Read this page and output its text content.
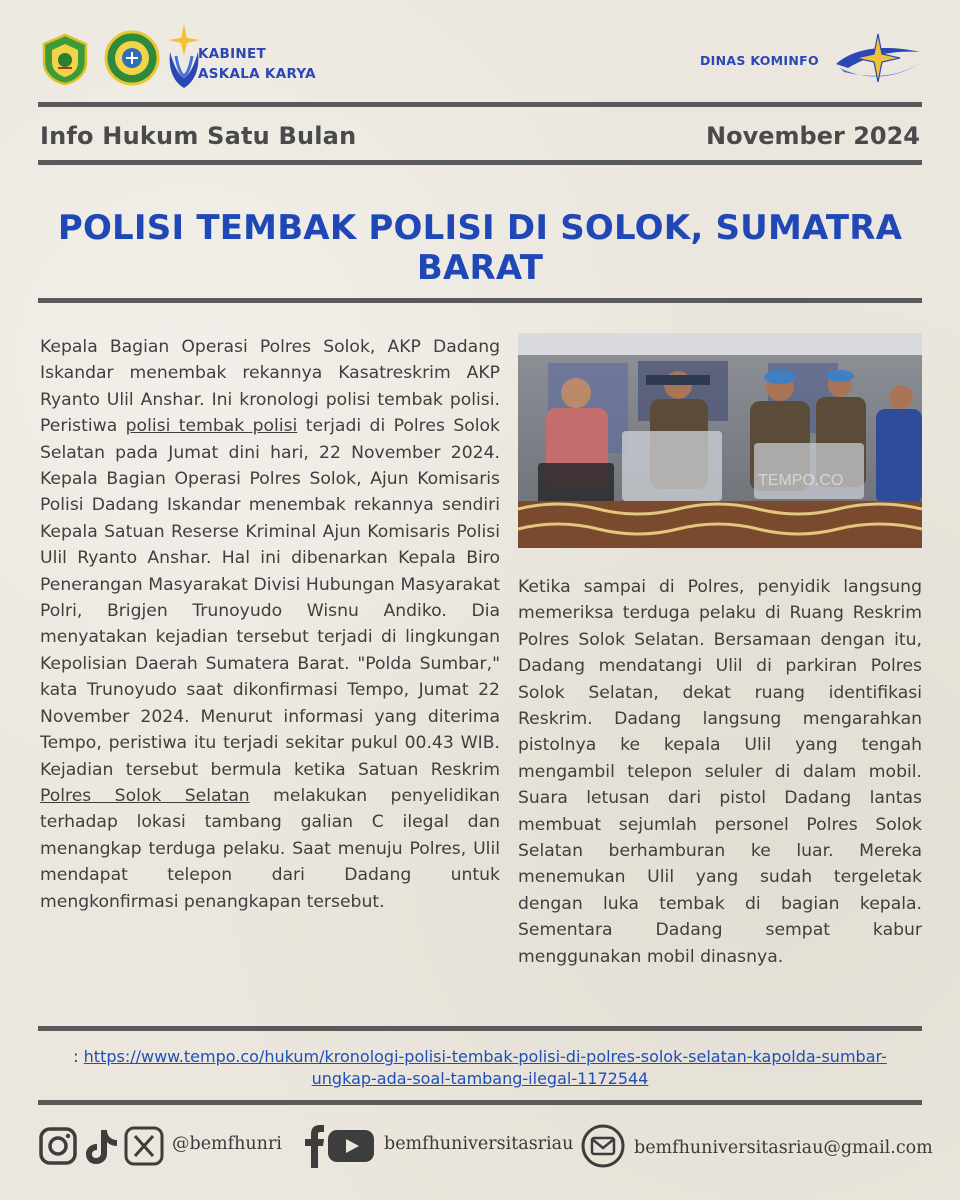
KABINET
ASKALA KARYA
DINAS KOMINFO
Info Hukum Satu Bulan	November 2024
POLISI TEMBAK POLISI DI SOLOK, SUMATRA BARAT
Kepala Bagian Operasi Polres Solok, AKP Dadang Iskandar menembak rekannya Kasatreskrim AKP Ryanto Ulil Anshar. Ini kronologi polisi tembak polisi. Peristiwa polisi tembak polisi terjadi di Polres Solok Selatan pada Jumat dini hari, 22 November 2024. Kepala Bagian Operasi Polres Solok, Ajun Komisaris Polisi Dadang Iskandar menembak rekannya sendiri Kepala Satuan Reserse Kriminal Ajun Komisaris Polisi Ulil Ryanto Anshar. Hal ini dibenarkan Kepala Biro Penerangan Masyarakat Divisi Hubungan Masyarakat Polri, Brigjen Trunoyudo Wisnu Andiko. Dia menyatakan kejadian tersebut terjadi di lingkungan Kepolisian Daerah Sumatera Barat. "Polda Sumbar," kata Trunoyudo saat dikonfirmasi Tempo, Jumat 22 November 2024. Menurut informasi yang diterima Tempo, peristiwa itu terjadi sekitar pukul 00.43 WIB. Kejadian tersebut bermula ketika Satuan Reskrim Polres Solok Selatan melakukan penyelidikan terhadap lokasi tambang galian C ilegal dan menangkap terduga pelaku. Saat menuju Polres, Ulil mendapat telepon dari Dadang untuk mengkonfirmasi penangkapan tersebut.
TEMPO.CO
Ketika sampai di Polres, penyidik langsung memeriksa terduga pelaku di Ruang Reskrim Polres Solok Selatan. Bersamaan dengan itu, Dadang mendatangi Ulil di parkiran Polres Solok Selatan, dekat ruang identifikasi Reskrim. Dadang langsung mengarahkan pistolnya ke kepala Ulil yang tengah mengambil telepon seluler di dalam mobil. Suara letusan dari pistol Dadang lantas membuat sejumlah personel Polres Solok Selatan berhamburan ke luar. Mereka menemukan Ulil yang sudah tergeletak dengan luka tembak di bagian kepala. Sementara Dadang sempat kabur menggunakan mobil dinasnya.
: https://www.tempo.co/hukum/kronologi-polisi-tembak-polisi-di-polres-solok-selatan-kapolda-sumbar-ungkap-ada-soal-tambang-ilegal-1172544
@bemfhunri	bemfhuniversitasriau	bemfhuniversitasriau@gmail.com
